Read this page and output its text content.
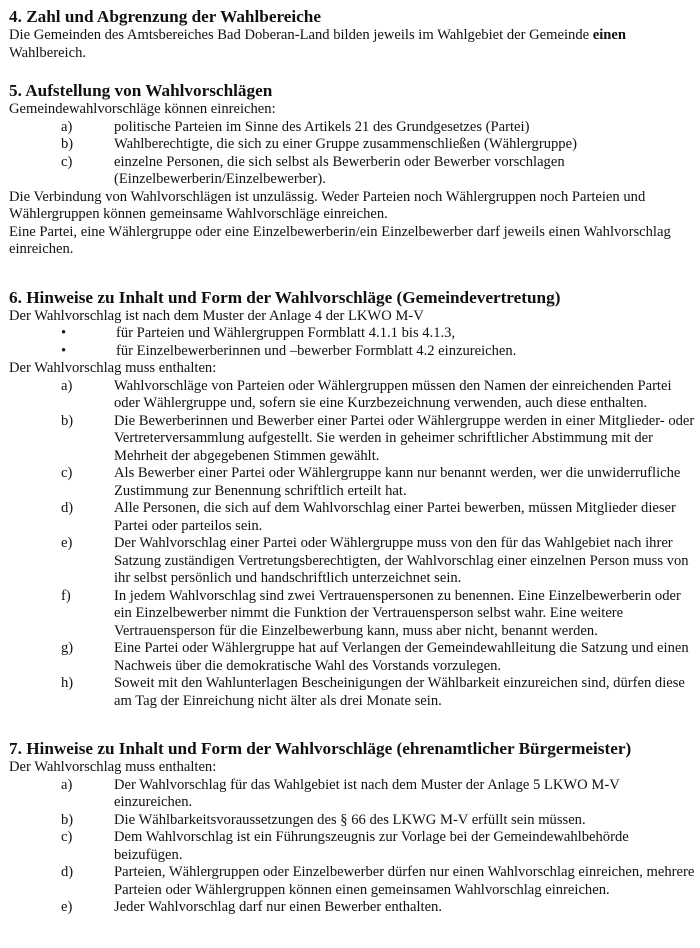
4. Zahl und Abgrenzung der Wahlbereiche

Die Gemeinden des Amtsbereiches Bad Doberan-Land bilden jeweils im Wahlgebiet der Gemeinde einen Wahlbereich.

5. Aufstellung von Wahlvorschlägen

Gemeindewahlvorschläge können einreichen:

a)	politische Parteien im Sinne des Artikels 21 des Grundgesetzes (Partei)
b)	Wahlberechtigte, die sich zu einer Gruppe zusammenschließen (Wählergruppe)
c)	einzelne Personen, die sich selbst als Bewerberin oder Bewerber vorschlagen (Einzelbewerberin/Einzelbewerber).

Die Verbindung von Wahlvorschlägen ist unzulässig. Weder Parteien noch Wählergruppen noch Parteien und Wählergruppen können gemeinsame Wahlvorschläge einreichen.

Eine Partei, eine Wählergruppe oder eine Einzelbewerberin/ein Einzelbewerber darf jeweils einen Wahlvorschlag einreichen.

6. Hinweise zu Inhalt und Form der Wahlvorschläge (Gemeindevertretung)

Der Wahlvorschlag ist nach dem Muster der Anlage 4 der LKWO M-V

•	für Parteien und Wählergruppen Formblatt 4.1.1 bis 4.1.3,
•	für Einzelbewerberinnen und –bewerber Formblatt 4.2 einzureichen.

Der Wahlvorschlag muss enthalten:

a)	Wahlvorschläge von Parteien oder Wählergruppen müssen den Namen der einreichenden Partei oder Wählergruppe und, sofern sie eine Kurzbezeichnung verwenden, auch diese enthalten.
b)	Die Bewerberinnen und Bewerber einer Partei oder Wählergruppe werden in einer Mitglieder- oder Vertreterversammlung aufgestellt. Sie werden in geheimer schriftlicher Abstimmung mit der Mehrheit der abgegebenen Stimmen gewählt.
c)	Als Bewerber einer Partei oder Wählergruppe kann nur benannt werden, wer die unwiderrufliche Zustimmung zur Benennung schriftlich erteilt hat.
d)	Alle Personen, die sich auf dem Wahlvorschlag einer Partei bewerben, müssen Mitglieder dieser Partei oder parteilos sein.
e)	Der Wahlvorschlag einer Partei oder Wählergruppe muss von den für das Wahlgebiet nach ihrer Satzung zuständigen Vertretungsberechtigten, der Wahlvorschlag einer einzelnen Person muss von ihr selbst persönlich und handschriftlich unterzeichnet sein.
f)	In jedem Wahlvorschlag sind zwei Vertrauenspersonen zu benennen. Eine Einzelbewerberin oder ein Einzelbewerber nimmt die Funktion der Vertrauensperson selbst wahr. Eine weitere Vertrauensperson für die Einzelbewerbung kann, muss aber nicht, benannt werden.
g)	Eine Partei oder Wählergruppe hat auf Verlangen der Gemeindewahlleitung die Satzung und einen Nachweis über die demokratische Wahl des Vorstands vorzulegen.
h)	Soweit mit den Wahlunterlagen Bescheinigungen der Wählbarkeit einzureichen sind, dürfen diese am Tag der Einreichung nicht älter als drei Monate sein.
7. Hinweise zu Inhalt und Form der Wahlvorschläge (ehrenamtlicher Bürgermeister)

Der Wahlvorschlag muss enthalten:

a)	Der Wahlvorschlag für das Wahlgebiet ist nach dem Muster der Anlage 5 LKWO M-V einzureichen.
b)	Die Wählbarkeitsvoraussetzungen des § 66 des LKWG M-V erfüllt sein müssen.
c)	Dem Wahlvorschlag ist ein Führungszeugnis zur Vorlage bei der Gemeindewahlbehörde beizufügen.
d)	Parteien, Wählergruppen oder Einzelbewerber dürfen nur einen Wahlvorschlag einreichen, mehrere Parteien oder Wählergruppen können einen gemeinsamen Wahlvorschlag einreichen.
e)	Jeder Wahlvorschlag darf nur einen Bewerber enthalten.
